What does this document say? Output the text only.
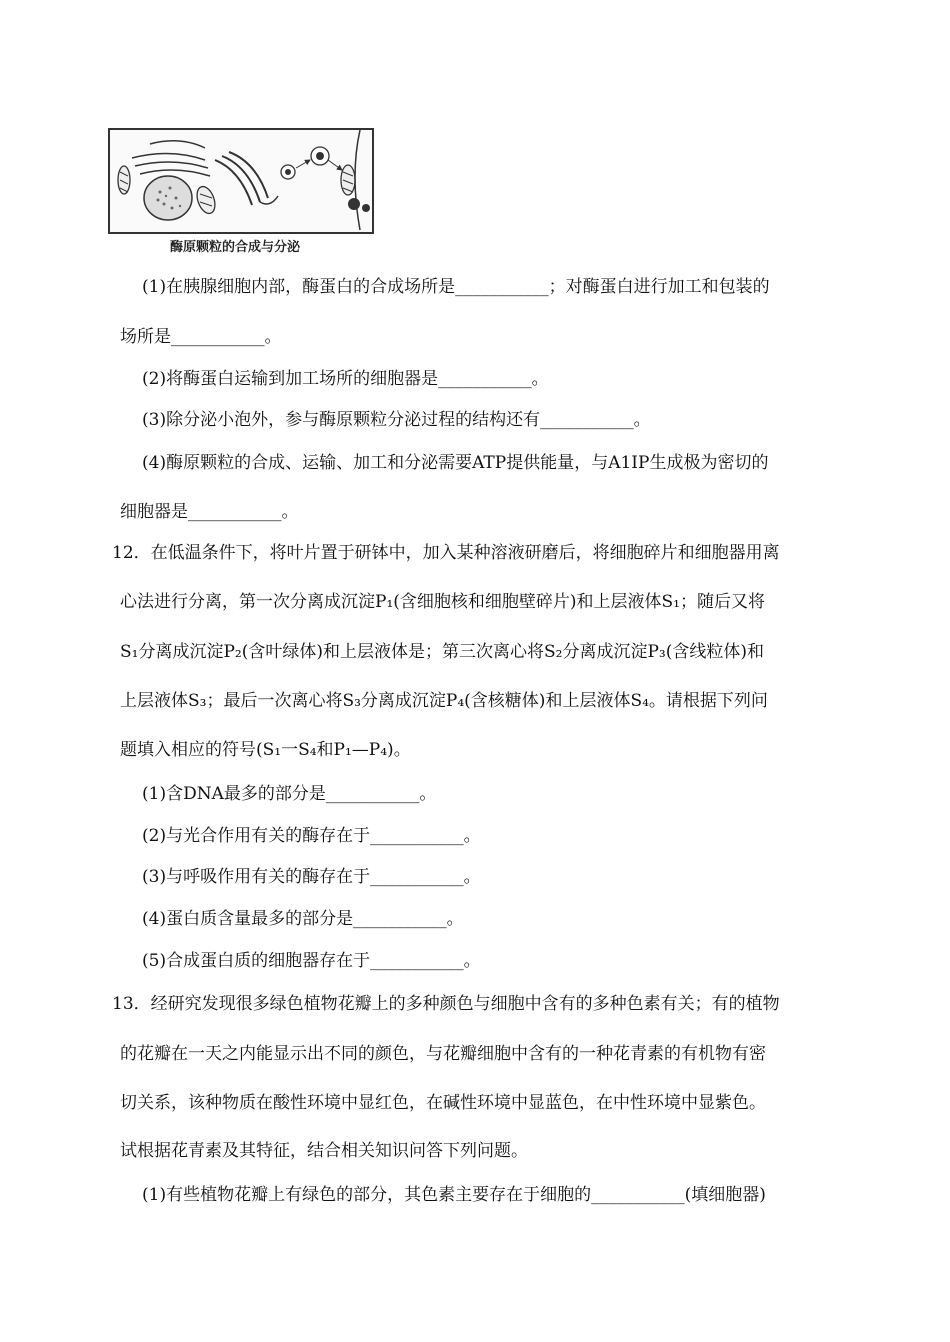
酶原颗粒的合成与分泌
(1)在胰腺细胞内部，酶蛋白的合成场所是___________；对酶蛋白进行加工和包装的
场所是___________。
(2)将酶蛋白运输到加工场所的细胞器是___________。
(3)除分泌小泡外，参与酶原颗粒分泌过程的结构还有___________。
(4)酶原颗粒的合成、运输、加工和分泌需要ATP提供能量，与A1IP生成极为密切的
细胞器是___________。
12．在低温条件下，将叶片置于研钵中，加入某种溶液研磨后，将细胞碎片和细胞器用离
心法进行分离，第一次分离成沉淀P₁(含细胞核和细胞壁碎片)和上层液体S₁；随后又将
S₁分离成沉淀P₂(含叶绿体)和上层液体是；第三次离心将S₂分离成沉淀P₃(含线粒体)和
上层液体S₃；最后一次离心将S₃分离成沉淀P₄(含核糖体)和上层液体S₄。请根据下列问
题填入相应的符号(S₁一S₄和P₁—P₄)。
(1)含DNA最多的部分是___________。
(2)与光合作用有关的酶存在于___________。
(3)与呼吸作用有关的酶存在于___________。
(4)蛋白质含量最多的部分是___________。
(5)合成蛋白质的细胞器存在于___________。
13．经研究发现很多绿色植物花瓣上的多种颜色与细胞中含有的多种色素有关；有的植物
的花瓣在一天之内能显示出不同的颜色，与花瓣细胞中含有的一种花青素的有机物有密
切关系，该种物质在酸性环境中显红色，在碱性环境中显蓝色，在中性环境中显紫色。
试根据花青素及其特征，结合相关知识问答下列问题。
(1)有些植物花瓣上有绿色的部分，其色素主要存在于细胞的___________(填细胞器)
